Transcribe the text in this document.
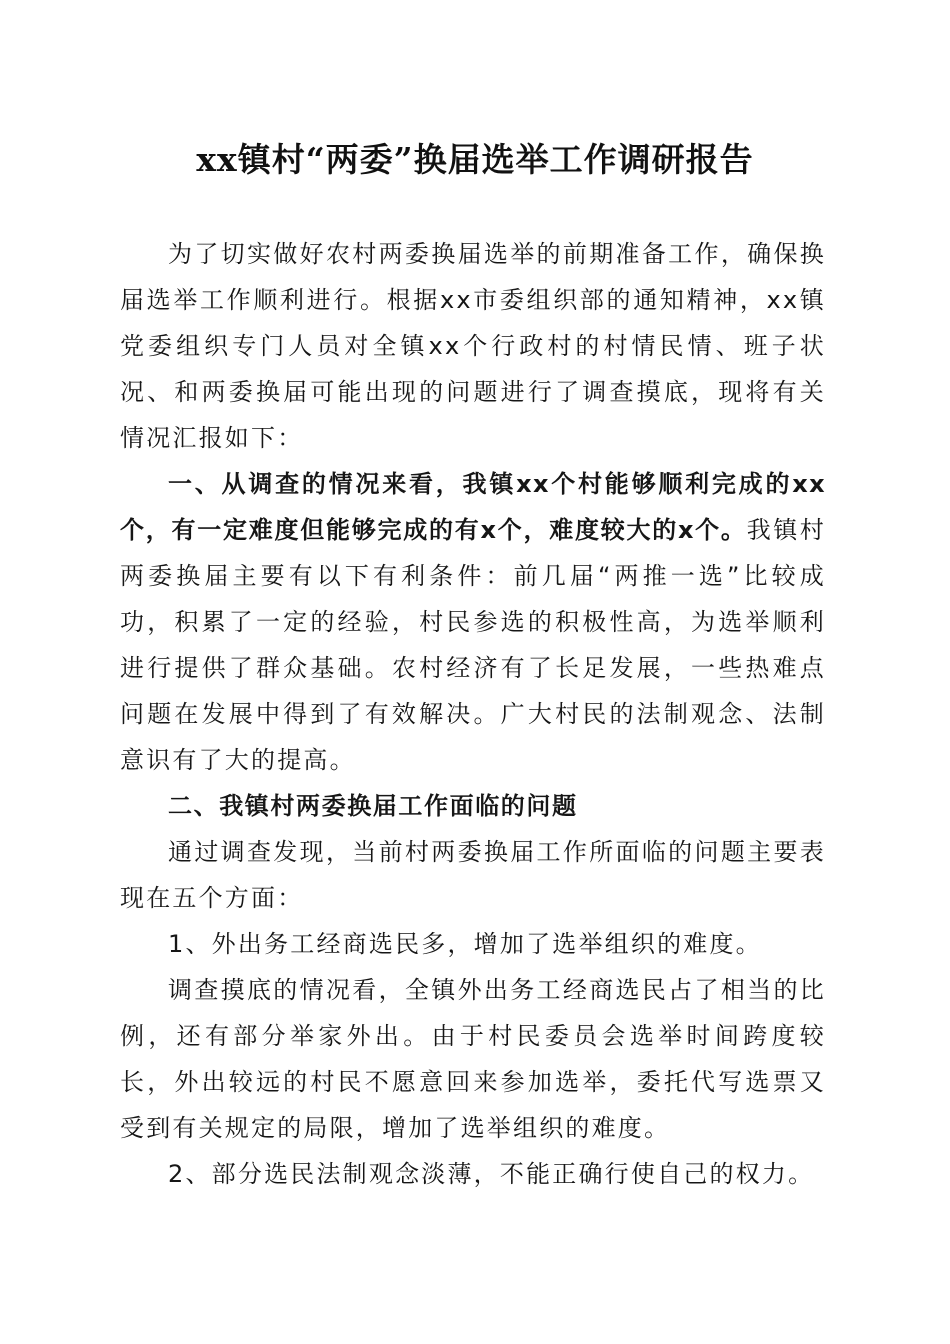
xx镇村“两委”换届选举工作调研报告

为了切实做好农村两委换届选举的前期准备工作，确保换届选举工作顺利进行。根据xx市委组织部的通知精神，xx镇党委组织专门人员对全镇xx个行政村的村情民情、班子状况、和两委换届可能出现的问题进行了调查摸底，现将有关情况汇报如下：

一、从调查的情况来看，我镇xx个村能够顺利完成的xx个，有一定难度但能够完成的有x个，难度较大的x个。我镇村两委换届主要有以下有利条件：前几届“两推一选”比较成功，积累了一定的经验，村民参选的积极性高，为选举顺利进行提供了群众基础。农村经济有了长足发展，一些热难点问题在发展中得到了有效解决。广大村民的法制观念、法制意识有了大的提高。

二、我镇村两委换届工作面临的问题

通过调查发现，当前村两委换届工作所面临的问题主要表现在五个方面：

1、外出务工经商选民多，增加了选举组织的难度。

调查摸底的情况看，全镇外出务工经商选民占了相当的比例，还有部分举家外出。由于村民委员会选举时间跨度较长，外出较远的村民不愿意回来参加选举，委托代写选票又受到有关规定的局限，增加了选举组织的难度。

2、部分选民法制观念淡薄，不能正确行使自己的权力。
